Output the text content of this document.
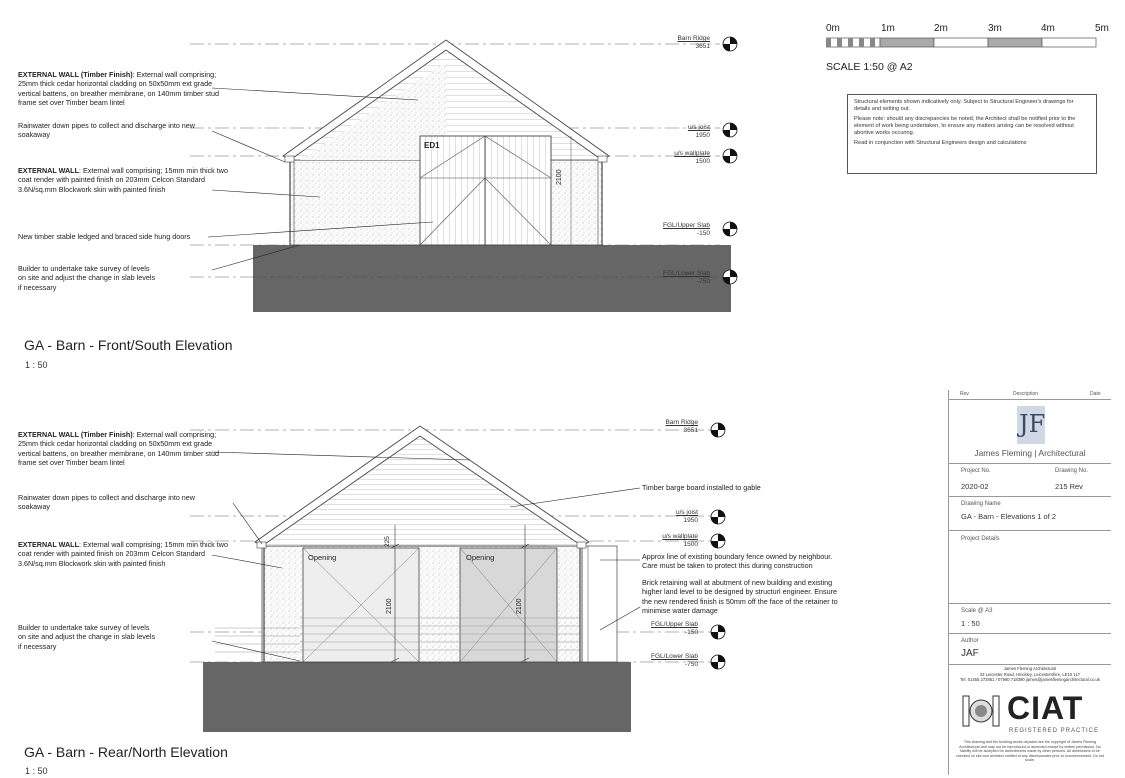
0m	1m	2m	3m	4m	5m
SCALE 1:50 @ A2
Structural elements shown indicatively only. Subject to Structural Engineer's drawings for details and setting out.
Please note: should any discrepancies be noted, the Architect shall be notified prior to the element of work being undertaken, to ensure any matters arising can be resolved without abortive works occuring.
Read in conjunction with Structural Engineers design and calculations
ED1
2100
EXTERNAL WALL (Timber Finish): External wall comprising; 25mm thick cedar horizontal cladding on 50x50mm ext grade vertical battens, on breather membrane, on 140mm timber stud frame set over Timber beam lintel
Rainwater down pipes to collect and discharge into new soakaway
EXTERNAL WALL: External wall comprising; 15mm min thick two coat render with painted finish on 203mm Celcon Standard 3.6N/sq.mm Blockwork skin with painted finish
New timber stable ledged and braced side hung doors
Builder to undertake take survey of levels on site and adjust the change in slab levels if necessary
Barn Ridge
3651
u/s joist
1950
u/s wallplate
1500
FGL/Upper Slab
-150
FGL/Lower Slab
-750
GA - Barn - Front/South Elevation
1 : 50
Opening	Opening
2100	2100
225
EXTERNAL WALL (Timber Finish): External wall comprising; 25mm thick cedar horizontal cladding on 50x50mm ext grade vertical battens, on breather membrane, on 140mm timber stud frame set over Timber beam lintel
Rainwater down pipes to collect and discharge into new soakaway
EXTERNAL WALL: External wall comprising; 15mm min thick two coat render with painted finish on 203mm Celcon Standard 3.6N/sq.mm Blockwork skin with painted finish
Builder to undertake take survey of levels on site and adjust the change in slab levels if necessary
Timber barge board installed to gable
Approx line of existing boundary fence owned by neighbour. Care must be taken to protect this during construction
Brick retaining wall at abutment of new building and existing higher land level to be designed by structurl engineer. Ensure the new rendered finish is 50mm off the face of the retainer to minimise water damage
Barn Ridge
3651
u/s joist
1950
u/s wallplate
1500
FGL/Upper Slab
-150
FGL/Lower Slab
-750
GA - Barn - Rear/North Elevation
1 : 50
Rev	Description	Date
JF
James Fleming | Architectural
Project No.	Drawing No.
2020-02	215 Rev
Drawing Name
GA - Barn - Elevations 1 of 2
Project Details
Scale @ A3
1 : 50
Author
JAF
James Fleming Architectural
33 Leicester Road, Hinckley, Leicestershire, LE10 1LT
Tel: 01455 272851 / 07980 718390 james@jamesflemingarchitectural.co.uk
CIAT
REGISTERED PRACTICE
This drawing and the building works depicted are the copyright of James Fleming Architectural and may not be reproduced or amended except by written permission. No liability will be accepted for amendments made by other persons. All dimensions to be checked on site and architect notified of any discrepancies prior to commencement. Do not scale.
